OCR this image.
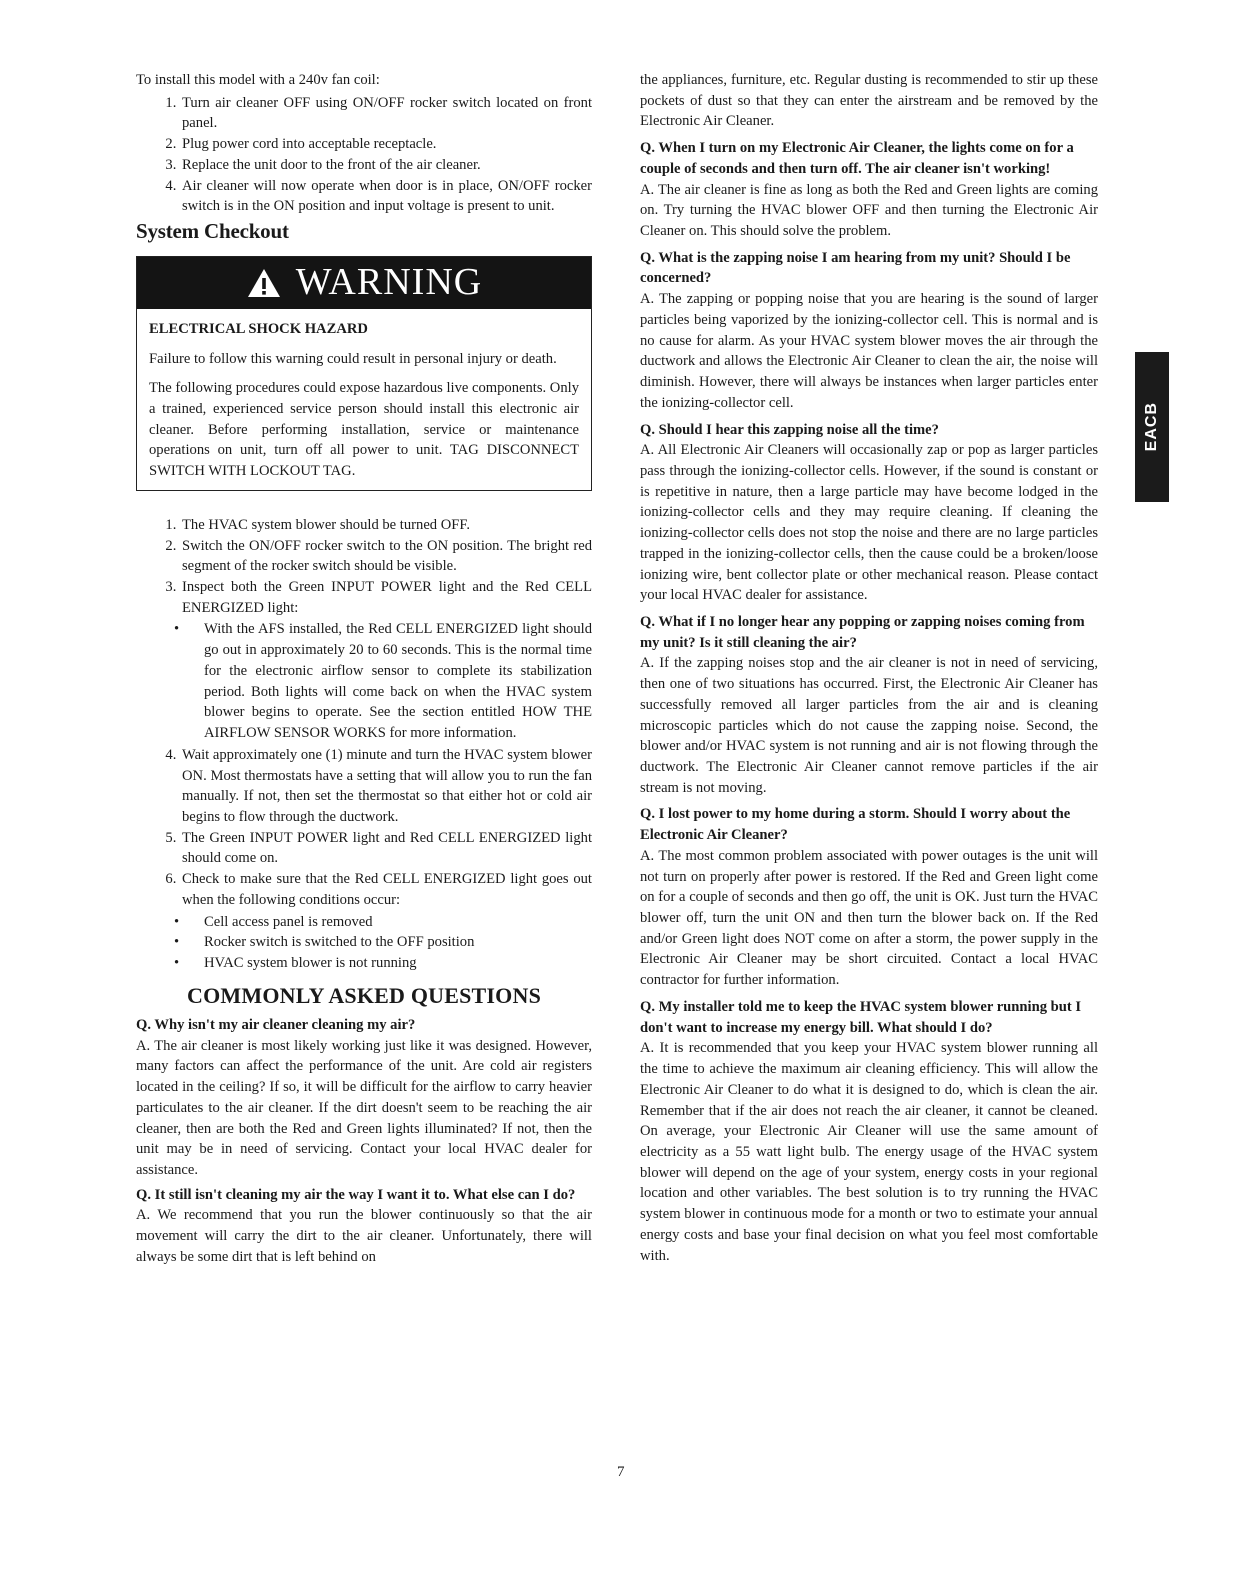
To install this model with a 240v fan coil:

1. Turn air cleaner OFF using ON/OFF rocker switch located on front panel.
2. Plug power cord into acceptable receptacle.
3. Replace the unit door to the front of the air cleaner.
4. Air cleaner will now operate when door is in place, ON/OFF rocker switch is in the ON position and input voltage is present to unit.
System Checkout
WARNING

ELECTRICAL SHOCK HAZARD

Failure to follow this warning could result in personal injury or death.

The following procedures could expose hazardous live components. Only a trained, experienced service person should install this electronic air cleaner. Before performing installation, service or maintenance operations on unit, turn off all power to unit. TAG DISCONNECT SWITCH WITH LOCKOUT TAG.

1. The HVAC system blower should be turned OFF.
2. Switch the ON/OFF rocker switch to the ON position. The bright red segment of the rocker switch should be visible.
3. Inspect both the Green INPUT POWER light and the Red CELL ENERGIZED light:
• With the AFS installed, the Red CELL ENERGIZED light should go out in approximately 20 to 60 seconds. This is the normal time for the electronic airflow sensor to complete its stabilization period. Both lights will come back on when the HVAC system blower begins to operate. See the section entitled HOW THE AIRFLOW SENSOR WORKS for more information.
4. Wait approximately one (1) minute and turn the HVAC system blower ON. Most thermostats have a setting that will allow you to run the fan manually. If not, then set the thermostat so that either hot or cold air begins to flow through the ductwork.
5. The Green INPUT POWER light and Red CELL ENERGIZED light should come on.
6. Check to make sure that the Red CELL ENERGIZED light goes out when the following conditions occur:
• Cell access panel is removed
• Rocker switch is switched to the OFF position
• HVAC system blower is not running
COMMONLY ASKED QUESTIONS

Q. Why isn't my air cleaner cleaning my air?

A. The air cleaner is most likely working just like it was designed. However, many factors can affect the performance of the unit. Are cold air registers located in the ceiling? If so, it will be difficult for the airflow to carry heavier particulates to the air cleaner. If the dirt doesn't seem to be reaching the air cleaner, then are both the Red and Green lights illuminated? If not, then the unit may be in need of servicing. Contact your local HVAC dealer for assistance.

Q. It still isn't cleaning my air the way I want it to. What else can I do?

A. We recommend that you run the blower continuously so that the air movement will carry the dirt to the air cleaner. Unfortunately, there will always be some dirt that is left behind on

the appliances, furniture, etc. Regular dusting is recommended to stir up these pockets of dust so that they can enter the airstream and be removed by the Electronic Air Cleaner.

Q. When I turn on my Electronic Air Cleaner, the lights come on for a couple of seconds and then turn off. The air cleaner isn't working!

A. The air cleaner is fine as long as both the Red and Green lights are coming on. Try turning the HVAC blower OFF and then turning the Electronic Air Cleaner on. This should solve the problem.

Q. What is the zapping noise I am hearing from my unit? Should I be concerned?

A. The zapping or popping noise that you are hearing is the sound of larger particles being vaporized by the ionizing-collector cell. This is normal and is no cause for alarm. As your HVAC system blower moves the air through the ductwork and allows the Electronic Air Cleaner to clean the air, the noise will diminish. However, there will always be instances when larger particles enter the ionizing-collector cell.

Q. Should I hear this zapping noise all the time?

A. All Electronic Air Cleaners will occasionally zap or pop as larger particles pass through the ionizing-collector cells. However, if the sound is constant or is repetitive in nature, then a large particle may have become lodged in the ionizing-collector cells and they may require cleaning. If cleaning the ionizing-collector cells does not stop the noise and there are no large particles trapped in the ionizing-collector cells, then the cause could be a broken/loose ionizing wire, bent collector plate or other mechanical reason. Please contact your local HVAC dealer for assistance.

Q. What if I no longer hear any popping or zapping noises coming from my unit? Is it still cleaning the air?

A. If the zapping noises stop and the air cleaner is not in need of servicing, then one of two situations has occurred. First, the Electronic Air Cleaner has successfully removed all larger particles from the air and is cleaning microscopic particles which do not cause the zapping noise. Second, the blower and/or HVAC system is not running and air is not flowing through the ductwork. The Electronic Air Cleaner cannot remove particles if the air stream is not moving.

Q. I lost power to my home during a storm. Should I worry about the Electronic Air Cleaner?

A. The most common problem associated with power outages is the unit will not turn on properly after power is restored. If the Red and Green light come on for a couple of seconds and then go off, the unit is OK. Just turn the HVAC blower off, turn the unit ON and then turn the blower back on. If the Red and/or Green light does NOT come on after a storm, the power supply in the Electronic Air Cleaner may be short circuited. Contact a local HVAC contractor for further information.

Q. My installer told me to keep the HVAC system blower running but I don't want to increase my energy bill. What should I do?

A. It is recommended that you keep your HVAC system blower running all the time to achieve the maximum air cleaning efficiency. This will allow the Electronic Air Cleaner to do what it is designed to do, which is clean the air. Remember that if the air does not reach the air cleaner, it cannot be cleaned. On average, your Electronic Air Cleaner will use the same amount of electricity as a 55 watt light bulb. The energy usage of the HVAC system blower will depend on the age of your system, energy costs in your regional location and other variables. The best solution is to try running the HVAC system blower in continuous mode for a month or two to estimate your annual energy costs and base your final decision on what you feel most comfortable with.

EACB
7
